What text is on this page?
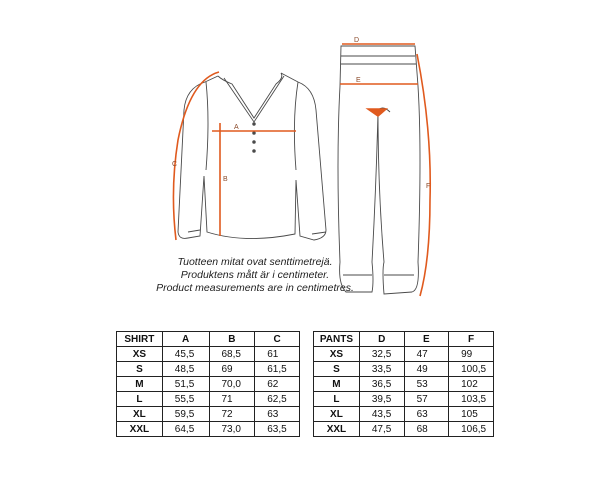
A
B
C
D
E
F
Tuotteen mitat ovat senttimetrejä.
Produktens mått är i centimeter.
Product measurements are in centimetres.
SHIRT	A	B	C
XS	45,5	68,5	61
S	48,5	69	61,5
M	51,5	70,0	62
L	55,5	71	62,5
XL	59,5	72	63
XXL	64,5	73,0	63,5
PANTS	D	E	F
XS	32,5	47	99
S	33,5	49	100,5
M	36,5	53	102
L	39,5	57	103,5
XL	43,5	63	105
XXL	47,5	68	106,5
